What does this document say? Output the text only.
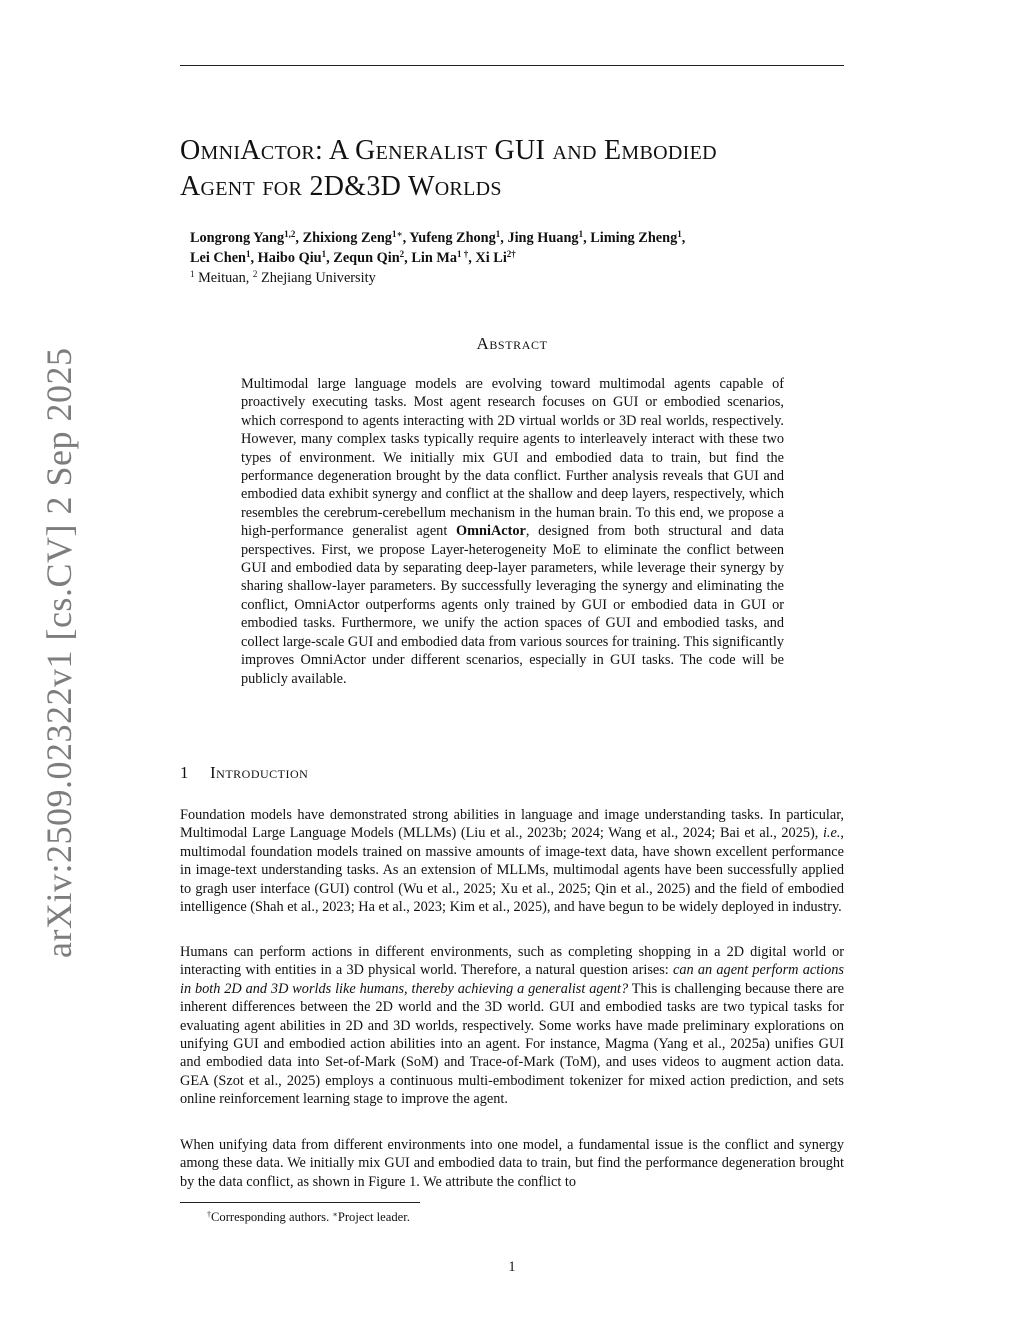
arXiv:2509.02322v1 [cs.CV] 2 Sep 2025
OmniActor: A Generalist GUI and Embodied
Agent for 2D&3D Worlds
Longrong Yang$^{1,2}$, Zhixiong Zeng$^{1∗}$, Yufeng Zhong$^1$, Jing Huang$^1$, Liming Zheng$^1$,
Lei Chen$^1$, Haibo Qiu$^1$, Zequn Qin$^2$, Lin $Ma^{1 \dagger}$, Xi $Li^{2\dagger}$
$^1$ Meituan, $^2$ Zhejiang University
Abstract
Multimodal large language models are evolving toward multimodal agents capable of proactively executing tasks. Most agent research focuses on GUI or embodied scenarios, which correspond to agents interacting with 2D virtual worlds or 3D real worlds, respectively. However, many complex tasks typically require agents to interleavely interact with these two types of environment. We initially mix GUI and embodied data to train, but find the performance degeneration brought by the data conflict. Further analysis reveals that GUI and embodied data exhibit synergy and conflict at the shallow and deep layers, respectively, which resembles the cerebrum-cerebellum mechanism in the human brain. To this end, we propose a high-performance generalist agent OmniActor, designed from both structural and data perspectives. First, we propose Layer-heterogeneity MoE to eliminate the conflict between GUI and embodied data by separating deep-layer parameters, while leverage their synergy by sharing shallow-layer parameters. By successfully leveraging the synergy and eliminating the conflict, OmniActor outperforms agents only trained by GUI or embodied data in GUI or embodied tasks. Furthermore, we unify the action spaces of GUI and embodied tasks, and collect large-scale GUI and embodied data from various sources for training. This significantly improves OmniActor under different scenarios, especially in GUI tasks. The code will be publicly available.
1 Introduction

Foundation models have demonstrated strong abilities in language and image understanding tasks. In particular, Multimodal Large Language Models (MLLMs) (Liu et al., 2023b; 2024; Wang et al., 2024; Bai et al., 2025), i.e., multimodal foundation models trained on massive amounts of image-text data, have shown excellent performance in image-text understanding tasks. As an extension of MLLMs, multimodal agents have been successfully applied to gragh user interface (GUI) control (Wu et al., 2025; Xu et al., 2025; Qin et al., 2025) and the field of embodied intelligence (Shah et al., 2023; Ha et al., 2023; Kim et al., 2025), and have begun to be widely deployed in industry.

Humans can perform actions in different environments, such as completing shopping in a 2D digital world or interacting with entities in a 3D physical world. Therefore, a natural question arises: can an agent perform actions in both 2D and 3D worlds like humans, thereby achieving a generalist agent? This is challenging because there are inherent differences between the 2D world and the 3D world. GUI and embodied tasks are two typical tasks for evaluating agent abilities in 2D and 3D worlds, respectively. Some works have made preliminary explorations on unifying GUI and embodied action abilities into an agent. For instance, Magma (Yang et al., 2025a) unifies GUI and embodied data into Set-of-Mark (SoM) and Trace-of-Mark (ToM), and uses videos to augment action data. GEA (Szot et al., 2025) employs a continuous multi-embodiment tokenizer for mixed action prediction, and sets online reinforcement learning stage to improve the agent.

When unifying data from different environments into one model, a fundamental issue is the conflict and synergy among these data. We initially mix GUI and embodied data to train, but find the performance degeneration brought by the data conflict, as shown in Figure 1. We attribute the conflict to

†Corresponding authors. ∗Project leader.
1
